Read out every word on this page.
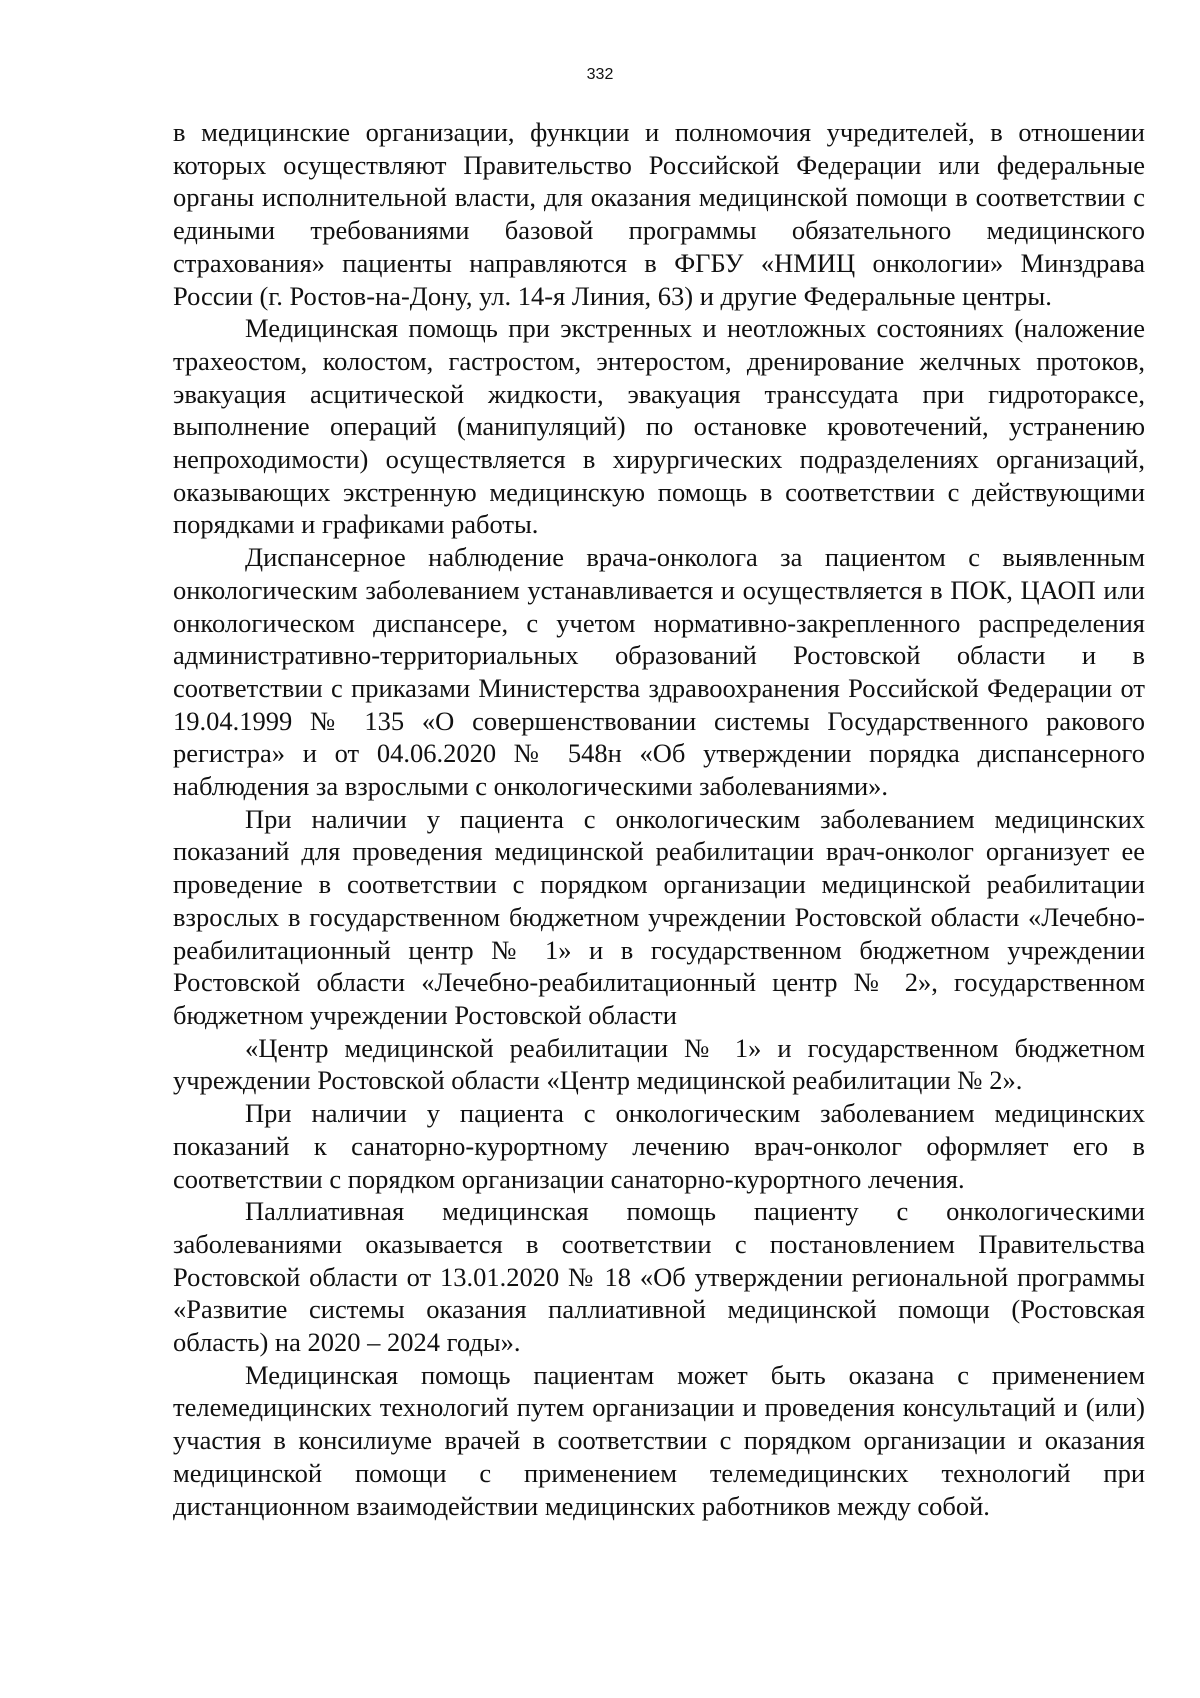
332

в медицинские организации, функции и полномочия учредителей, в отношении которых осуществляют Правительство Российской Федерации или федеральные органы исполнительной власти, для оказания медицинской помощи в соответствии с едиными требованиями базовой программы обязательного медицинского страхования» пациенты направляются в ФГБУ «НМИЦ онкологии» Минздрава России (г. Ростов-на-Дону, ул. 14-я Линия, 63) и другие Федеральные центры.

Медицинская помощь при экстренных и неотложных состояниях (наложение трахеостом, колостом, гастростом, энтеростом, дренирование желчных протоков, эвакуация асцитической жидкости, эвакуация транссудата при гидротораксе, выполнение операций (манипуляций) по остановке кровотечений, устранению непроходимости) осуществляется в хирургических подразделениях организаций, оказывающих экстренную медицинскую помощь в соответствии с действующими порядками и графиками работы.

Диспансерное наблюдение врача-онколога за пациентом с выявленным онкологическим заболеванием устанавливается и осуществляется в ПОК, ЦАОП или онкологическом диспансере, с учетом нормативно-закрепленного распределения административно-территориальных образований Ростовской области и в соответствии с приказами Министерства здравоохранения Российской Федерации от 19.04.1999 № 135 «О совершенствовании системы Государственного ракового регистра» и от 04.06.2020 № 548н «Об утверждении порядка диспансерного наблюдения за взрослыми с онкологическими заболеваниями».

При наличии у пациента с онкологическим заболеванием медицинских показаний для проведения медицинской реабилитации врач-онколог организует ее проведение в соответствии с порядком организации медицинской реабилитации взрослых в государственном бюджетном учреждении Ростовской области «Лечебно-реабилитационный центр № 1» и в государственном бюджетном учреждении Ростовской области «Лечебно-реабилитационный центр № 2», государственном бюджетном учреждении Ростовской области

«Центр медицинской реабилитации № 1» и государственном бюджетном учреждении Ростовской области «Центр медицинской реабилитации № 2».

При наличии у пациента с онкологическим заболеванием медицинских показаний к санаторно-курортному лечению врач-онколог оформляет его в соответствии с порядком организации санаторно-курортного лечения.

Паллиативная медицинская помощь пациенту с онкологическими заболеваниями оказывается в соответствии с постановлением Правительства Ростовской области от 13.01.2020 № 18 «Об утверждении региональной программы «Развитие системы оказания паллиативной медицинской помощи (Ростовская область) на 2020 – 2024 годы».

Медицинская помощь пациентам может быть оказана с применением телемедицинских технологий путем организации и проведения консультаций и (или) участия в консилиуме врачей в соответствии с порядком организации и оказания медицинской помощи с применением телемедицинских технологий при дистанционном взаимодействии медицинских работников между собой.
